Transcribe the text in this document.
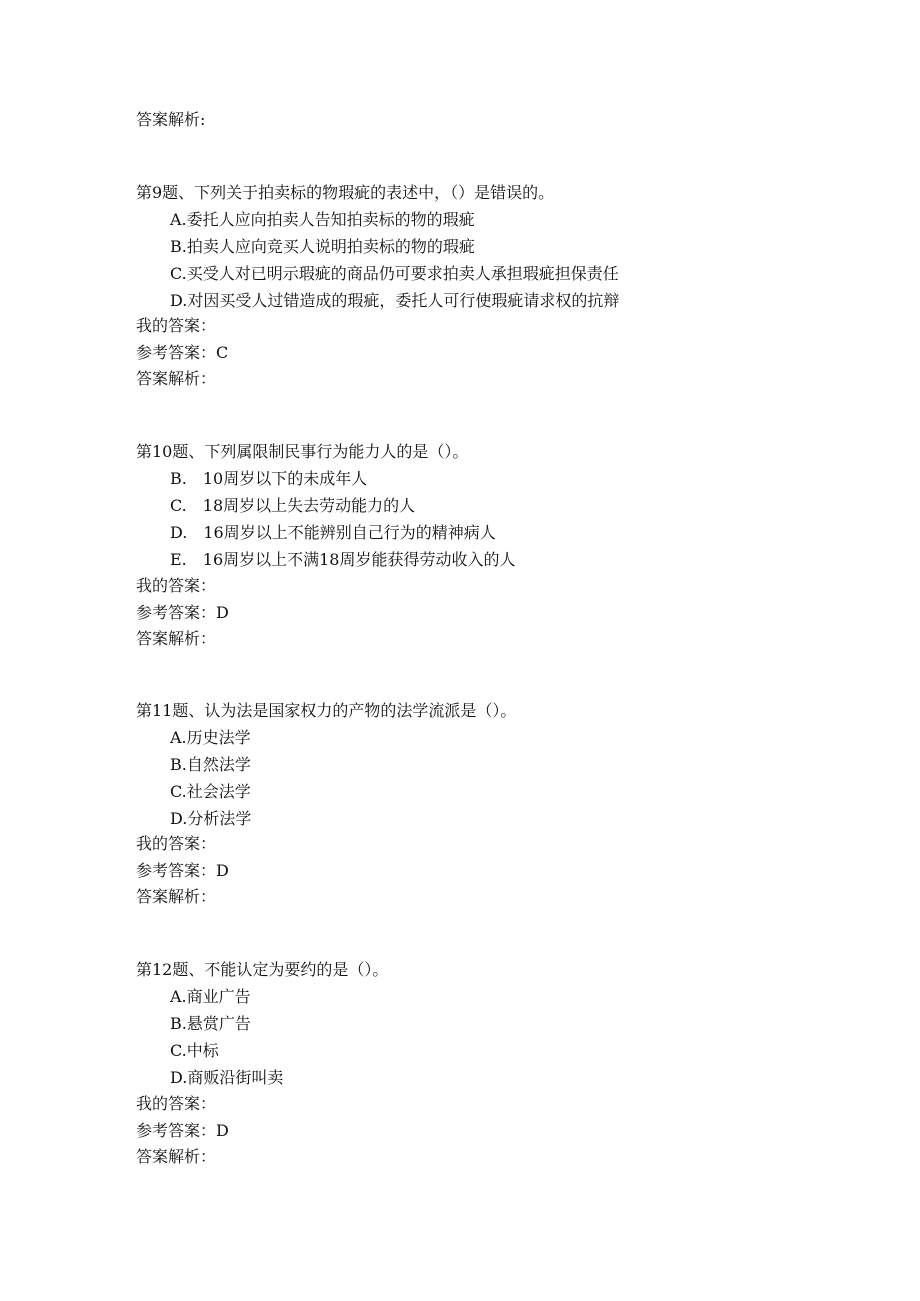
答案解析:
第9题、下列关于拍卖标的物瑕疵的表述中，（）是错误的。
A.委托人应向拍卖人告知拍卖标的物的瑕疵
B.拍卖人应向竞买人说明拍卖标的物的瑕疵
C.买受人对已明示瑕疵的商品仍可要求拍卖人承担瑕疵担保责任
D.对因买受人过错造成的瑕疵，委托人可行使瑕疵请求权的抗辩
我的答案：
参考答案：C
答案解析：
第10题、下列属限制民事行为能力人的是（）。
B.　10周岁以下的未成年人
C.　18周岁以上失去劳动能力的人
D.　16周岁以上不能辨别自己行为的精神病人
E.　16周岁以上不满18周岁能获得劳动收入的人
我的答案：
参考答案：D
答案解析：
第11题、认为法是国家权力的产物的法学流派是（）。
A.历史法学
B.自然法学
C.社会法学
D.分析法学
我的答案：
参考答案：D
答案解析：
第12题、不能认定为要约的是（）。
A.商业广告
B.悬赏广告
C.中标
D.商贩沿街叫卖
我的答案：
参考答案：D
答案解析：
